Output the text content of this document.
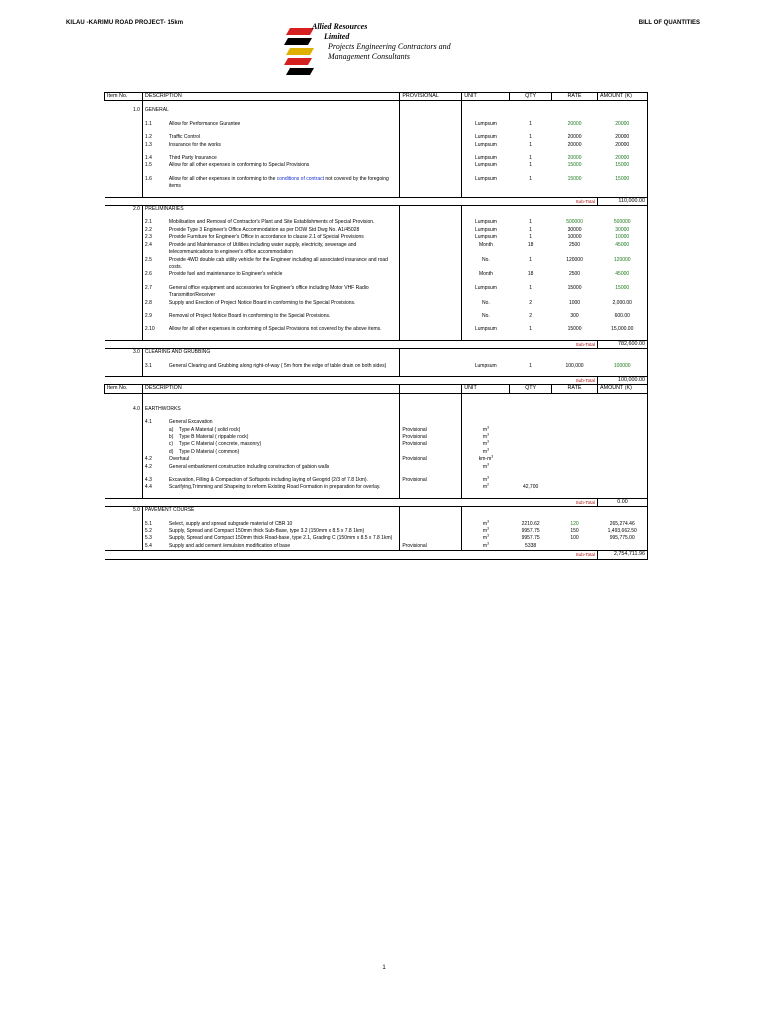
KILAU -KARIMU ROAD PROJECT- 15km	BILL OF QUANTITIES
Allied Resources
Limited
Projects Engineering Contractors and
Management Consultants
Item No.	DESCRIPTION	PROVISIONAL	UNIT	QTY	RATE	AMOUNT (K)

1.0	GENERAL					

	1.1 Allow for Performance Gurantee		Lumpsum	1	20000	20000

	1.2 Traffic Control		Lumpsum	1	20000	20000
	1.3 Insurance for the works		Lumpsum	1	20000	20000

	1.4 Third Party Insurance		Lumpsum	1	20000	20000
	1.5 Allow for all other expenses in conforming to Special Provisions		Lumpsum	1	15000	15000

	1.6 Allow for all other expenses in conforming to the conditions of contract not covered by the foregoing items		Lumpsum	1	15000	15000

					Sub-Total	110,000.00
2.0	PRELIMINARIES					

	2.1 Mobilisation and Removal of Contractor's Plant and Site Establishments of Special Provision.		Lumpsum	1	500000	500000

	2.2 Provide Type 3 Engineer's Office Accommodation as per DOW Std Dwg No. A1/45028		Lumpsum	1	30000	30000

	2.3 Provide Furniture for Engineer's Office in accordance to clause 2.1 of Special Provisions		Lumpsum	1	10000	10000

	2.4 Provide and Maintenance of Utilities including water supply, electricity, sewerage and telecommunications to engineer's office accommodation		Month	18	2500	45000

	2.5 Provide 4WD double cab utility vehicle for the Engineer including all associated insurance and road costs.		No.	1	120000	120000

	2.6 Provide fuel and maintenance to Engineer's vehicle		Month	18	2500	45000

	2.7 General office equipment and accessories for Engineer's office including Motor VHF Radio Transmittor/Receiver		Lumpsum	1	15000	15000

	2.8 Supply and Erection of Project Notice Board in conforming to the Special Provisions.		No.	2	1000	2,000.00

	2.9 Removal of Project Notice Board in conforming to the Special Provisions.		No.	2	300	600.00

	2.10 Allow for all other expenses in conforming of Special Provisions not covered by the above items.		Lumpsum	1	15000	15,000.00

					Sub-Total	782,600.00
3.0	CLEARING AND GRUBBING					

	3.1 General Clearing and Grubbing along right-of-way ( 5m from the edge of table drain on both sides)		Lumpsum	1	100,000	100000

					Sub-Total	100,000.00
Item No.	DESCRIPTION		UNIT	QTY	RATE	AMOUNT (K)

4.0	EARTHWORKS					

	4.1 General Excavation					
	a) Type A Material ( solid rock)	Provisional	$m^3$			
	b) Type B Material ( rippable rock)	Provisional	$m^3$			
	c) Type C Material ( concrete, masonry)	Provisional	$m^3$			
	d) Type D Material ( common)		$m^3$			
	4.2 Overhaul	Provisional	$km-m^3$			
	4.2 General embankment construction including construction of gabion walls		$m^3$			

	4.3 Excavation, Filling & Compaction of Softspots including laying of Geogrid (2/3 of 7.8 1km).	Provisional	$m^3$			

	4.4 Scarifying,Trimming and Shapeing to reform Existing Road Formation in preparation for overlay.		$m^2$	42,700		

					Sub-Total	0.00
5.0	PAVEMENT COURSE					

	5.1 Select, supply and spread subgrade material of CBR 10		$m^3$	2210.62	120	265,274.46

	5.2 Supply, Spread and Compact 150mm thick Sub-Base, type 3.2 (150mm x 8.5 x 7.8 1km)		$m^3$	9957.75	150	1,493,662.50

	5.3 Supply, Spread and Compact 150mm thick Road-base, type 2.1, Grading C (150mm x 8.5 x 7.8 1km)		$m^3$	9957.75	100	995,775.00

	5.4 Supply and add cement /emulsion modification of base	Provisional	$m^3$	5338		
					Sub-Total	2,754,711.96
1
